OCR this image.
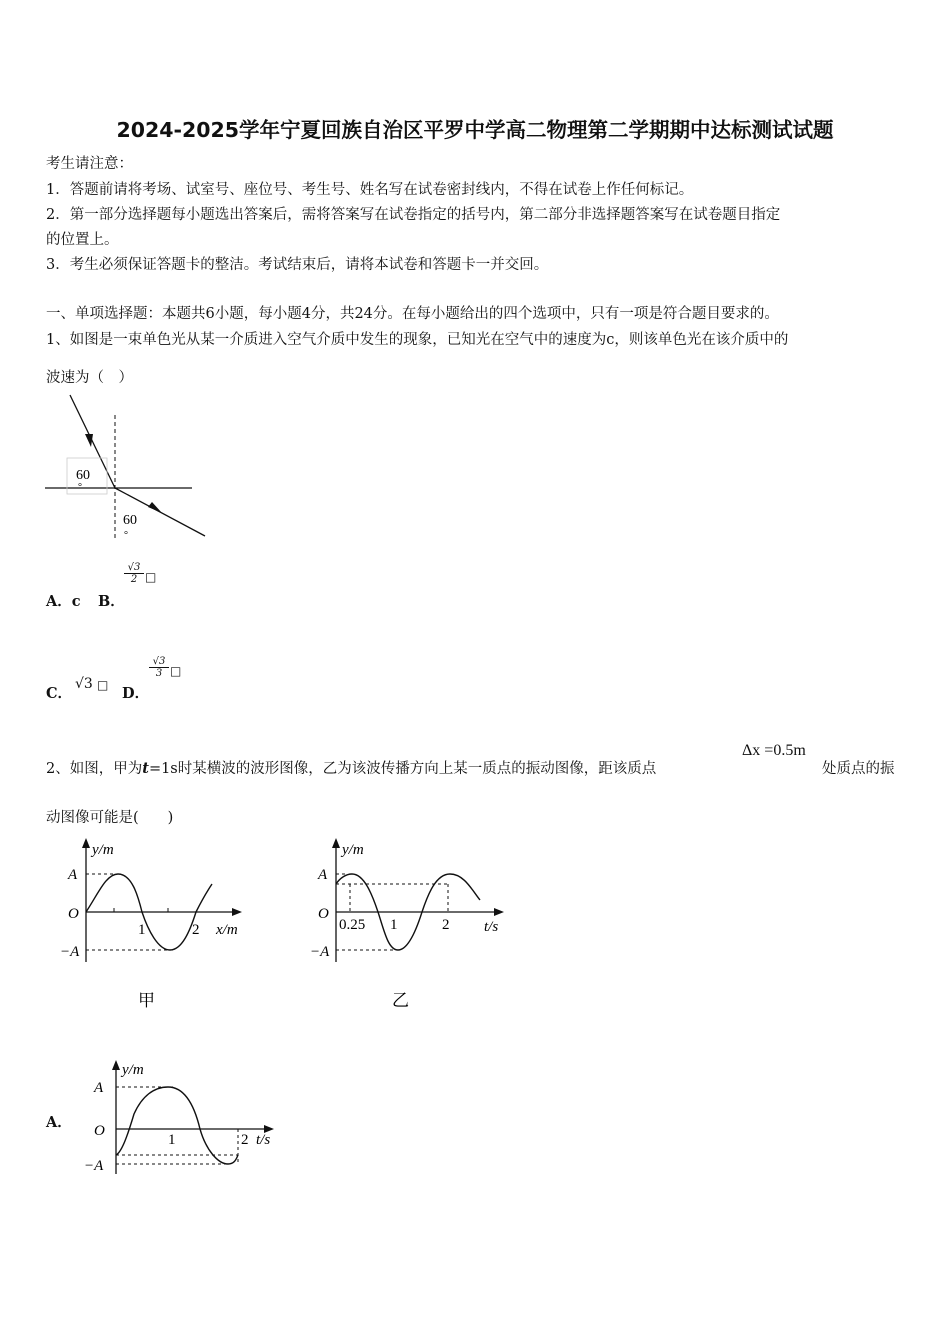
2024-2025学年宁夏回族自治区平罗中学高二物理第二学期期中达标测试试题
考生请注意：
1．答题前请将考场、试室号、座位号、考生号、姓名写在试卷密封线内，不得在试卷上作任何标记。
2．第一部分选择题每小题选出答案后，需将答案写在试卷指定的括号内，第二部分非选择题答案写在试卷题目指定
的位置上。
3．考生必须保证答题卡的整洁。考试结束后，请将本试卷和答题卡一并交回。
一、单项选择题：本题共6小题，每小题4分，共24分。在每小题给出的四个选项中，只有一项是符合题目要求的。
1、如图是一束单色光从某一介质进入空气介质中发生的现象，已知光在空气中的速度为c，则该单色光在该介质中的
波速为（　）
60
°
60
°
A．c B．
$\frac{√3}{2}$ □
C．
√3 □ D．
$\frac{√3}{3}$ □
2、如图，甲为t=1s时某横波的波形图像，乙为该波传播方向上某一质点的振动图像，距该质点
Δx =0.5m
处质点的振
动图像可能是(　　)
y/m
A
O
−A
1	2 x/m
甲
y/m
A
O
−A
0.25 1	2 t/s
乙
A．
y/m
A
O
−A
1	2 t/s
